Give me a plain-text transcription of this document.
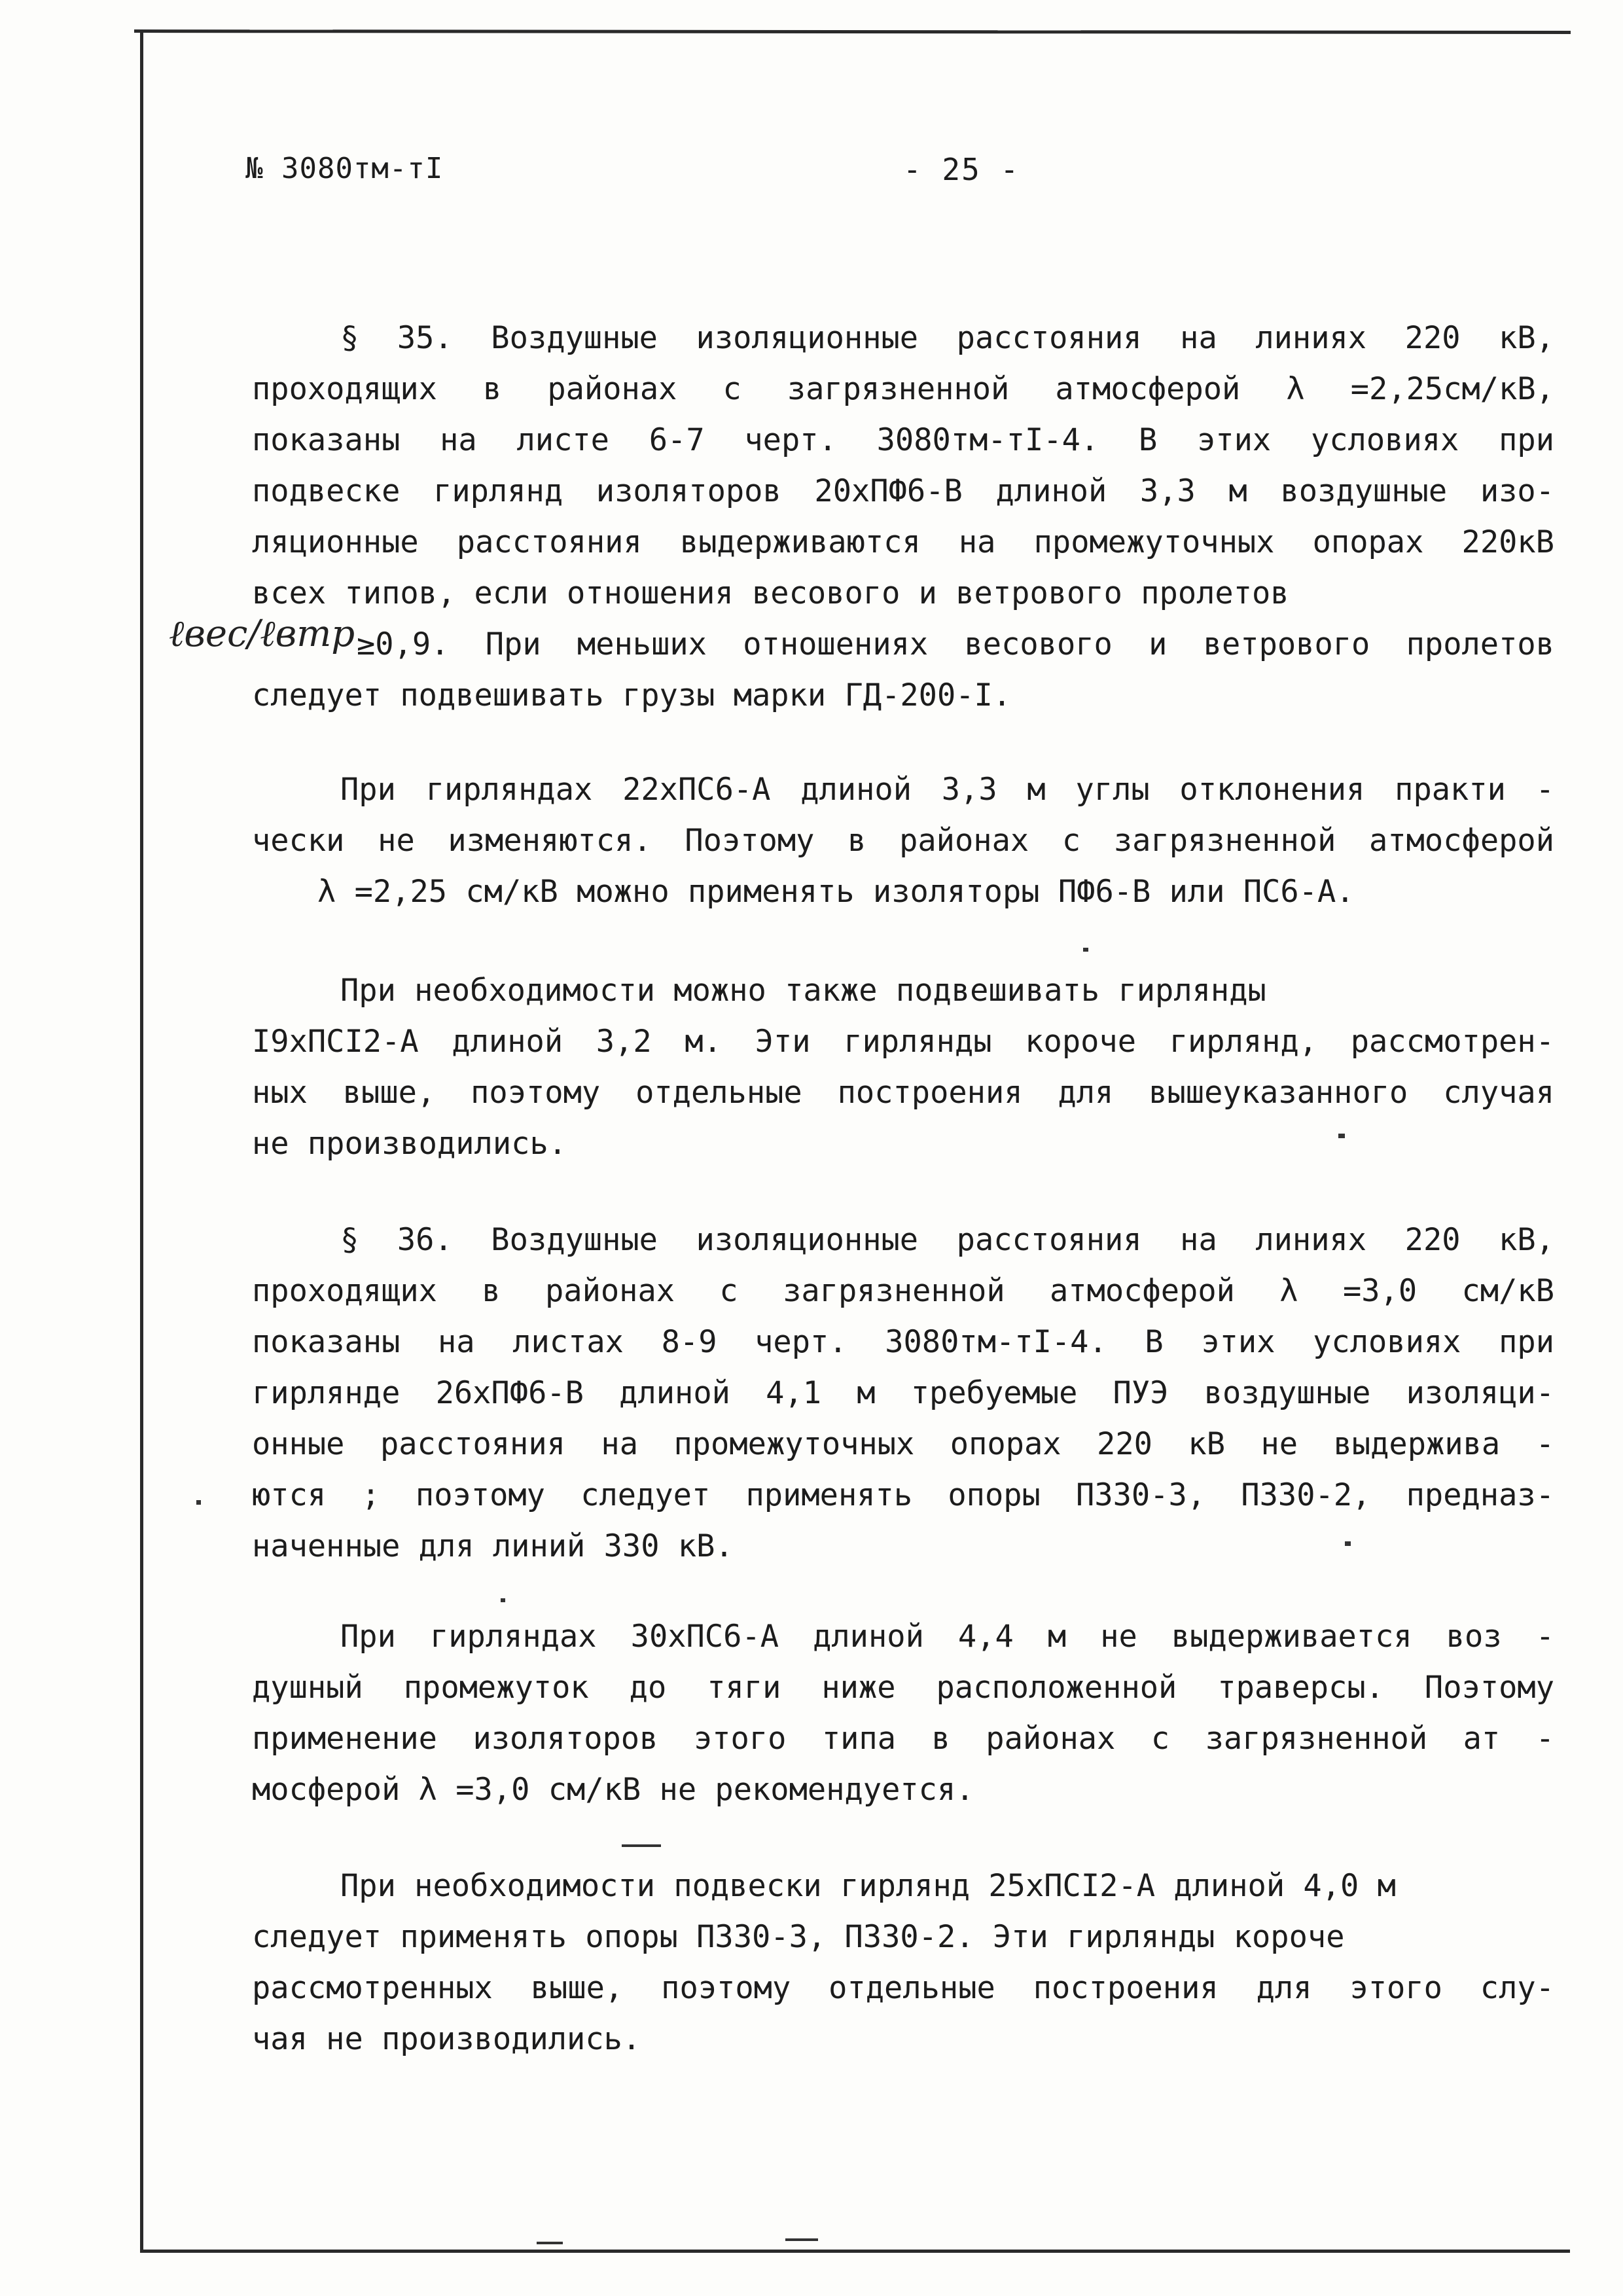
№ 3080тм-тI	- 25 -
ℓвес/ℓвтр
§ 35. Воздушные изоляционные расстояния на линиях 220 кВ,
проходящих в районах с загрязненной атмосферой λ =2,25см/кВ,
показаны на листе 6-7 черт. 3080тм-тI-4. В этих условиях при
подвеске гирлянд изоляторов 20хПФ6-В длиной 3,3 м воздушные изо-
ляционные расстояния выдерживаются на промежуточных опорах 220кВ
всех типов, если отношения весового и ветрового пролетов
≥0,9. При меньших отношениях весового и ветрового пролетов
следует подвешивать грузы марки ГД-200-I.
При гирляндах 22хПС6-А длиной 3,3 м углы отклонения практи -
чески не изменяются. Поэтому в районах с загрязненной атмосферой
λ =2,25 см/кВ можно применять изоляторы ПФ6-В или ПС6-А.
При необходимости можно также подвешивать гирлянды
I9хПСI2-А длиной 3,2 м. Эти гирлянды короче гирлянд, рассмотрен-
ных выше, поэтому отдельные построения для вышеуказанного случая
не производились.
§ 36. Воздушные изоляционные расстояния на линиях 220 кВ,
проходящих в районах с загрязненной атмосферой λ =3,0 см/кВ
показаны на листах 8-9 черт. 3080тм-тI-4. В этих условиях при
гирлянде 26хПФ6-В длиной 4,1 м требуемые ПУЭ воздушные изоляци-
онные расстояния на промежуточных опорах 220 кВ не выдержива -
ются ; поэтому следует применять опоры П330-3, П330-2, предназ-
наченные для линий 330 кВ.
При гирляндах 30хПС6-А длиной 4,4 м не выдерживается воз -
душный промежуток до тяги ниже расположенной траверсы. Поэтому
применение изоляторов этого типа в районах с загрязненной ат -
мосферой λ =3,0 см/кВ не рекомендуется.
При необходимости подвески гирлянд 25хПСI2-А длиной 4,0 м
следует применять опоры П330-3, П330-2. Эти гирлянды короче
рассмотренных выше, поэтому отдельные построения для этого слу-
чая не производились.
